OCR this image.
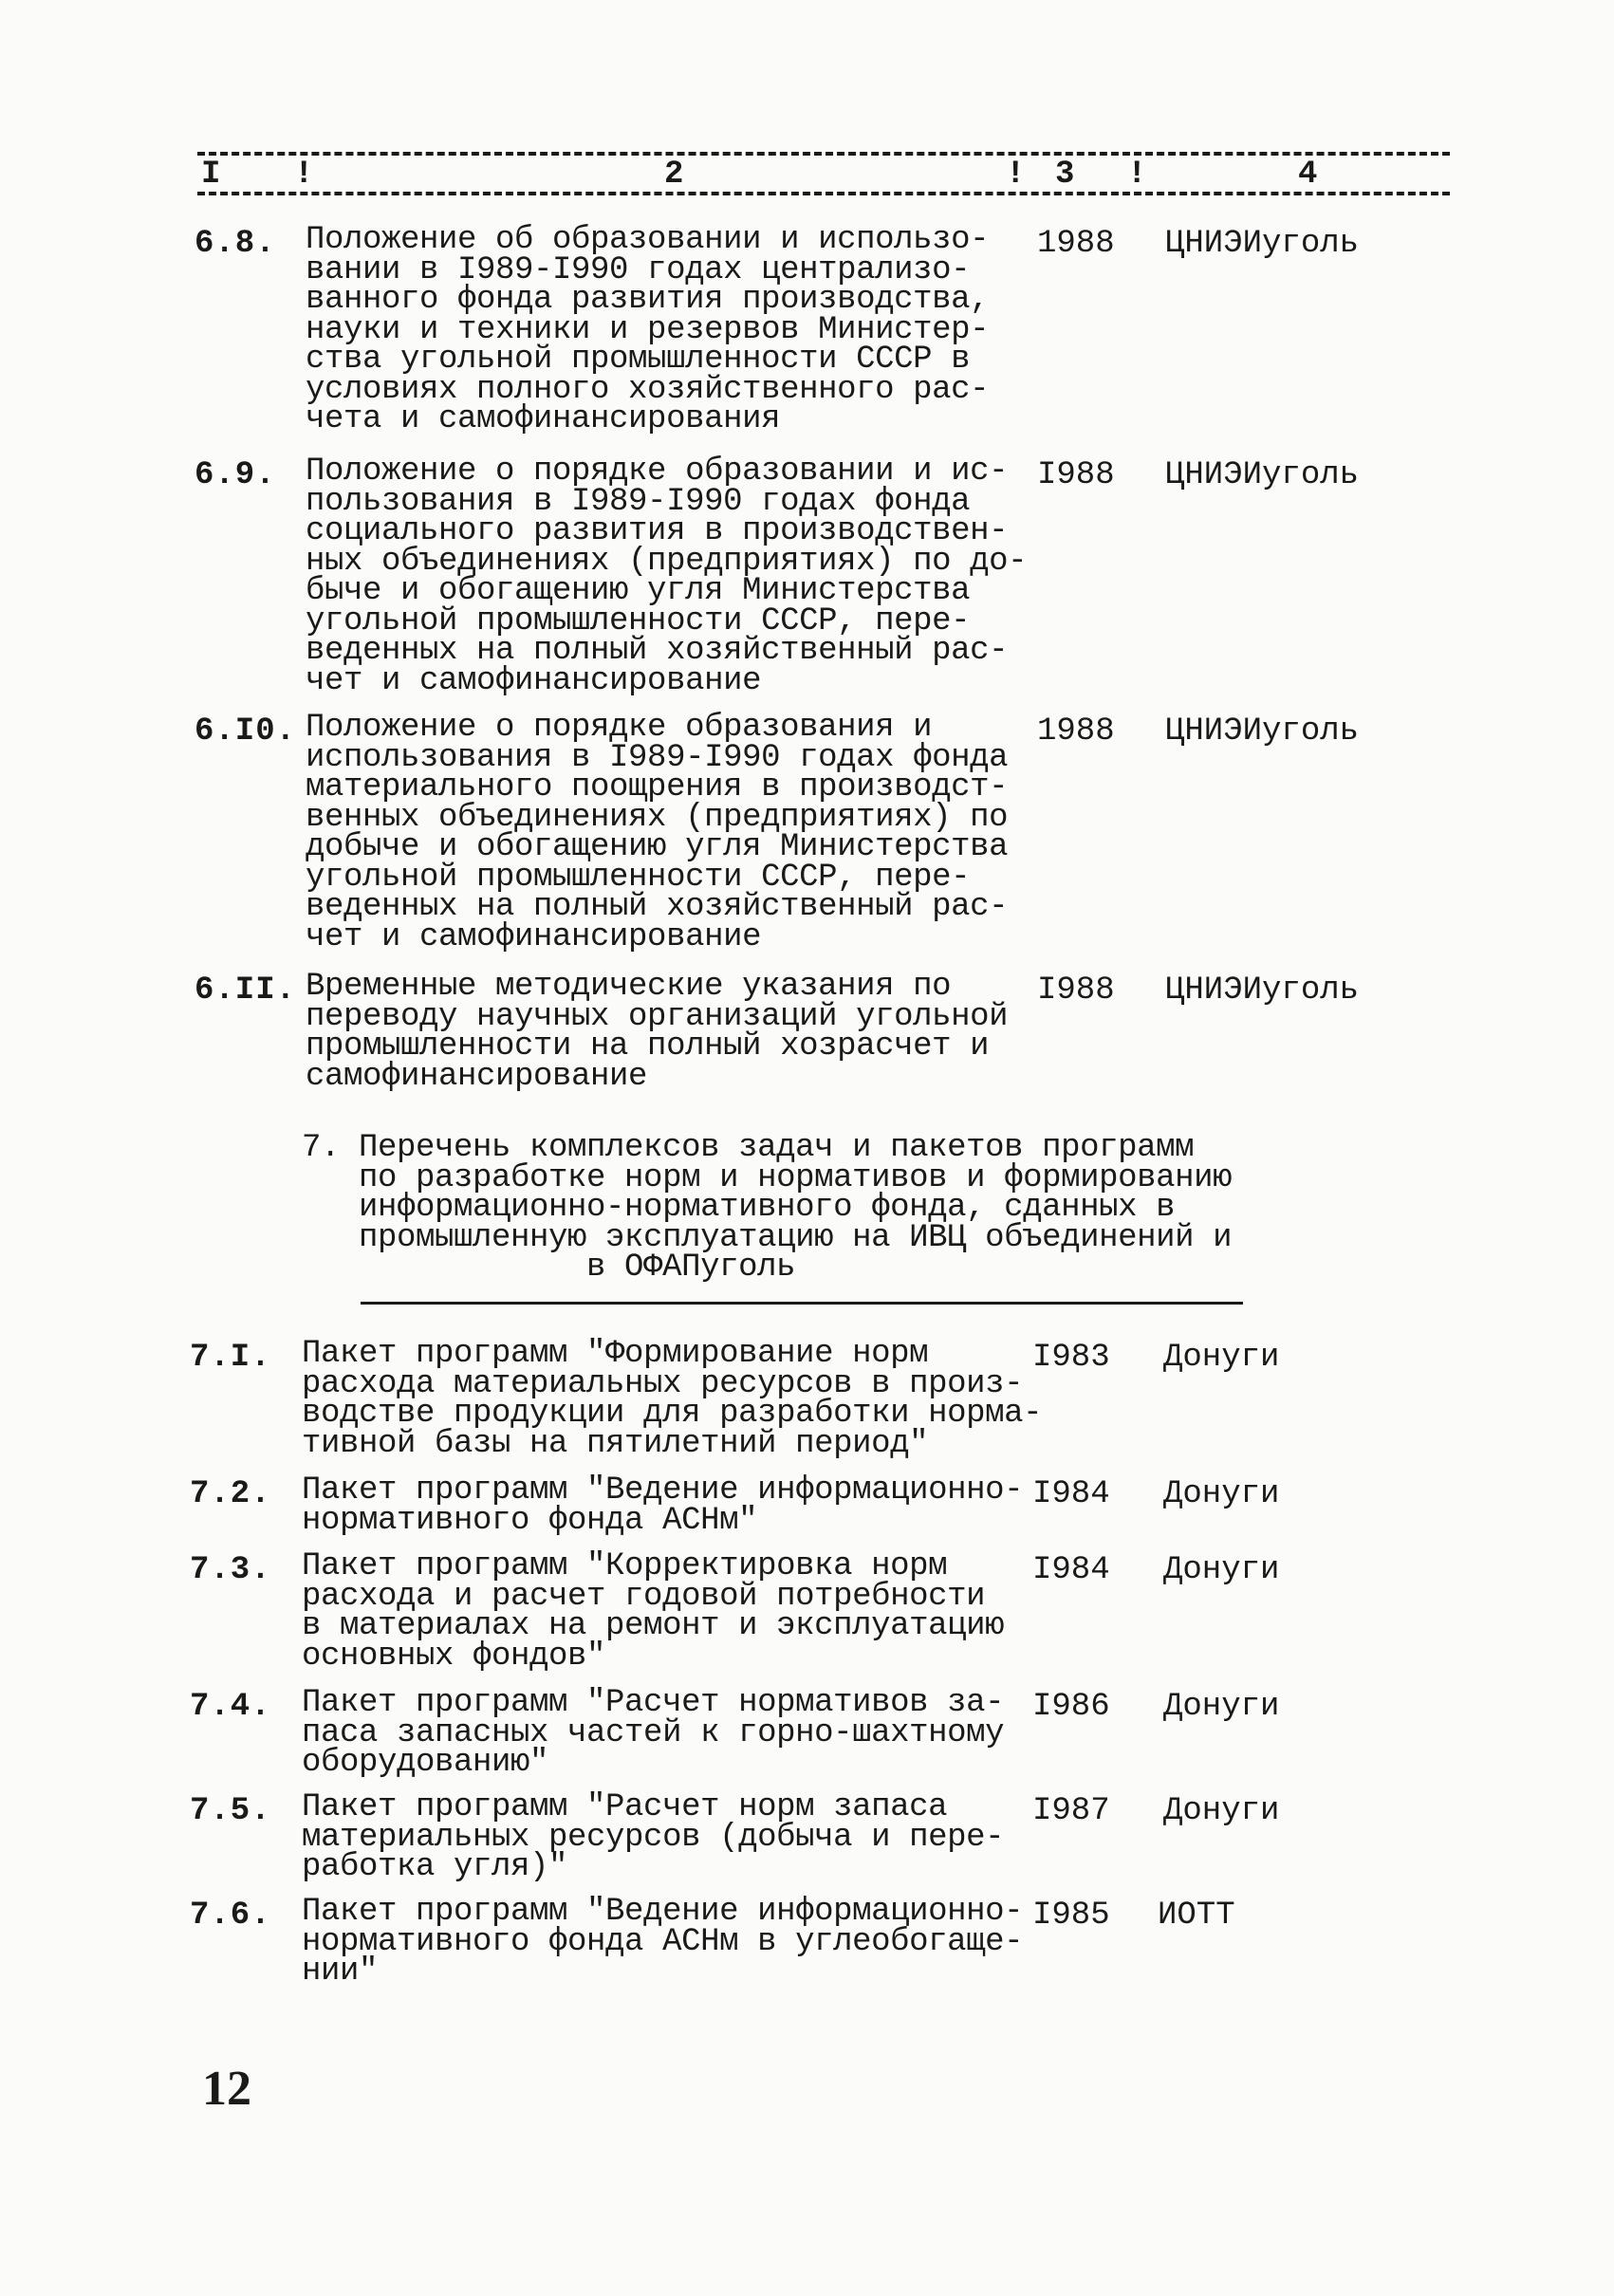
I !	2	! 3 !	4
6.8. Положение об образовании и использо-
вании в I989-I990 годах централизо-
ванного фонда развития производства,
науки и техники и резервов Министер-
ства угольной промышленности СССР в
условиях полного хозяйственного рас-
чета и самофинансирования
1988 ЦНИЭИуголь
6.9. Положение о порядке образовании и ис-
пользования в I989-I990 годах фонда
социального развития в производствен-
ных объединениях (предприятиях) по до-
быче и обогащению угля Министерства
угольной промышленности СССР, пере-
веденных на полный хозяйственный рас-
чет и самофинансирование
I988 ЦНИЭИуголь
6.I0. Положение о порядке образования и
использования в I989-I990 годах фонда
материального поощрения в производст-
венных объединениях (предприятиях) по
добыче и обогащению угля Министерства
угольной промышленности СССР, пере-
веденных на полный хозяйственный рас-
чет и самофинансирование
1988 ЦНИЭИуголь
6.II. Временные методические указания по
переводу научных организаций угольной
промышленности на полный хозрасчет и
самофинансирование
I988 ЦНИЭИуголь
7. Перечень комплексов задач и пакетов программ
по разработке норм и нормативов и формированию
информационно-нормативного фонда, сданных в
промышленную эксплуатацию на ИВЦ объединений и
в ОФАПуголь
7.I. Пакет программ "Формирование норм
расхода материальных ресурсов в произ-
водстве продукции для разработки норма-
тивной базы на пятилетний период"
I983 Донуги
7.2. Пакет программ "Ведение информационно-
нормативного фонда АСНм"
I984 Донуги
7.3. Пакет программ "Корректировка норм
расхода и расчет годовой потребности
в материалах на ремонт и эксплуатацию
основных фондов"
I984 Донуги
7.4. Пакет программ "Расчет нормативов за-
паса запасных частей к горно-шахтному
оборудованию"
I986 Донуги
7.5. Пакет программ "Расчет норм запаса
материальных ресурсов (добыча и пере-
работка угля)"
I987 Донуги
7.6. Пакет программ "Ведение информационно-
нормативного фонда АСНм в углеобогаще-
нии"
I985 ИОТТ
12
